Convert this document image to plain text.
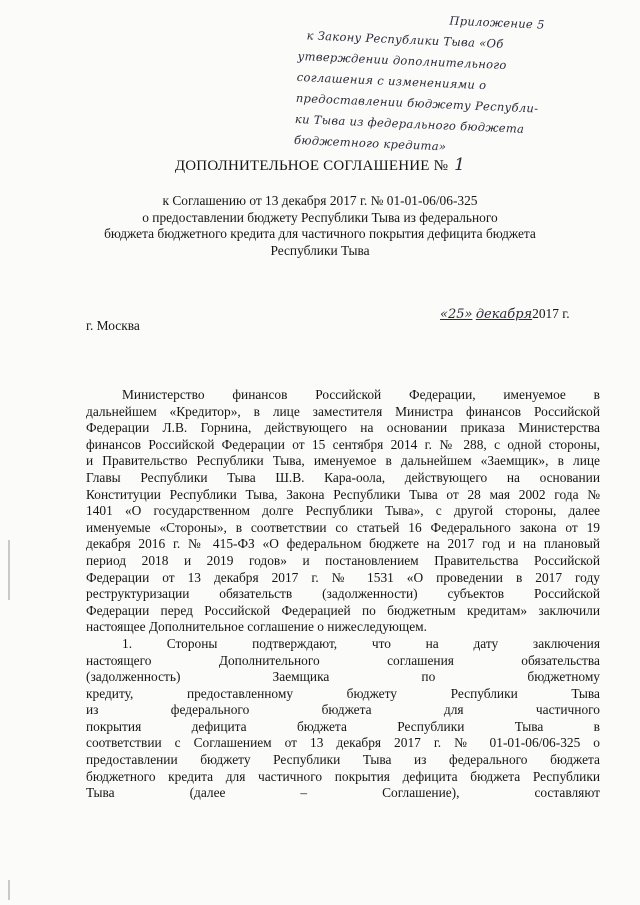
Приложение 5
к Закону Республики Тыва «Об
утверждении дополнительного
соглашения с изменениями о
предоставлении бюджету Республи-
ки Тыва из федерального бюджета
бюджетного кредита»
ДОПОЛНИТЕЛЬНОЕ СОГЛАШЕНИЕ № 1
к Соглашению от 13 декабря 2017 г. № 01-01-06/06-325
о предоставлении бюджету Республики Тыва из федерального
бюджета бюджетного кредита для частичного покрытия дефицита бюджета
Республики Тыва
г. Москва
«25» декабря2017 г.
Министерство финансов Российской Федерации, именуемое в
дальнейшем «Кредитор», в лице заместителя Министра финансов Российской
Федерации Л.В. Горнина, действующего на основании приказа Министерства
финансов Российской Федерации от 15 сентября 2014 г. № 288, с одной стороны,
и Правительство Республики Тыва, именуемое в дальнейшем «Заемщик», в лице
Главы Республики Тыва Ш.В. Кара-оола, действующего на основании
Конституции Республики Тыва, Закона Республики Тыва от 28 мая 2002 года №
1401 «О государственном долге Республики Тыва», с другой стороны, далее
именуемые «Стороны», в соответствии со статьей 16 Федерального закона от 19
декабря 2016 г. № 415-ФЗ «О федеральном бюджете на 2017 год и на плановый
период 2018 и 2019 годов» и постановлением Правительства Российской
Федерации от 13 декабря 2017 г. № 1531 «О проведении в 2017 году
реструктуризации обязательств (задолженности) субъектов Российской
Федерации перед Российской Федерацией по бюджетным кредитам» заключили
настоящее Дополнительное соглашение о нижеследующем.
1. Стороны подтверждают, что на дату заключения
настоящего Дополнительного соглашения обязательства
(задолженность) Заемщика по бюджетному
кредиту, предоставленному бюджету Республики Тыва
из федерального бюджета для частичного
покрытия дефицита бюджета Республики Тыва в
соответствии с Соглашением от 13 декабря 2017 г. № 01-01-06/06-325 о
предоставлении бюджету Республики Тыва из федерального бюджета
бюджетного кредита для частичного покрытия дефицита бюджета Республики
Тыва (далее – Соглашение), составляют
